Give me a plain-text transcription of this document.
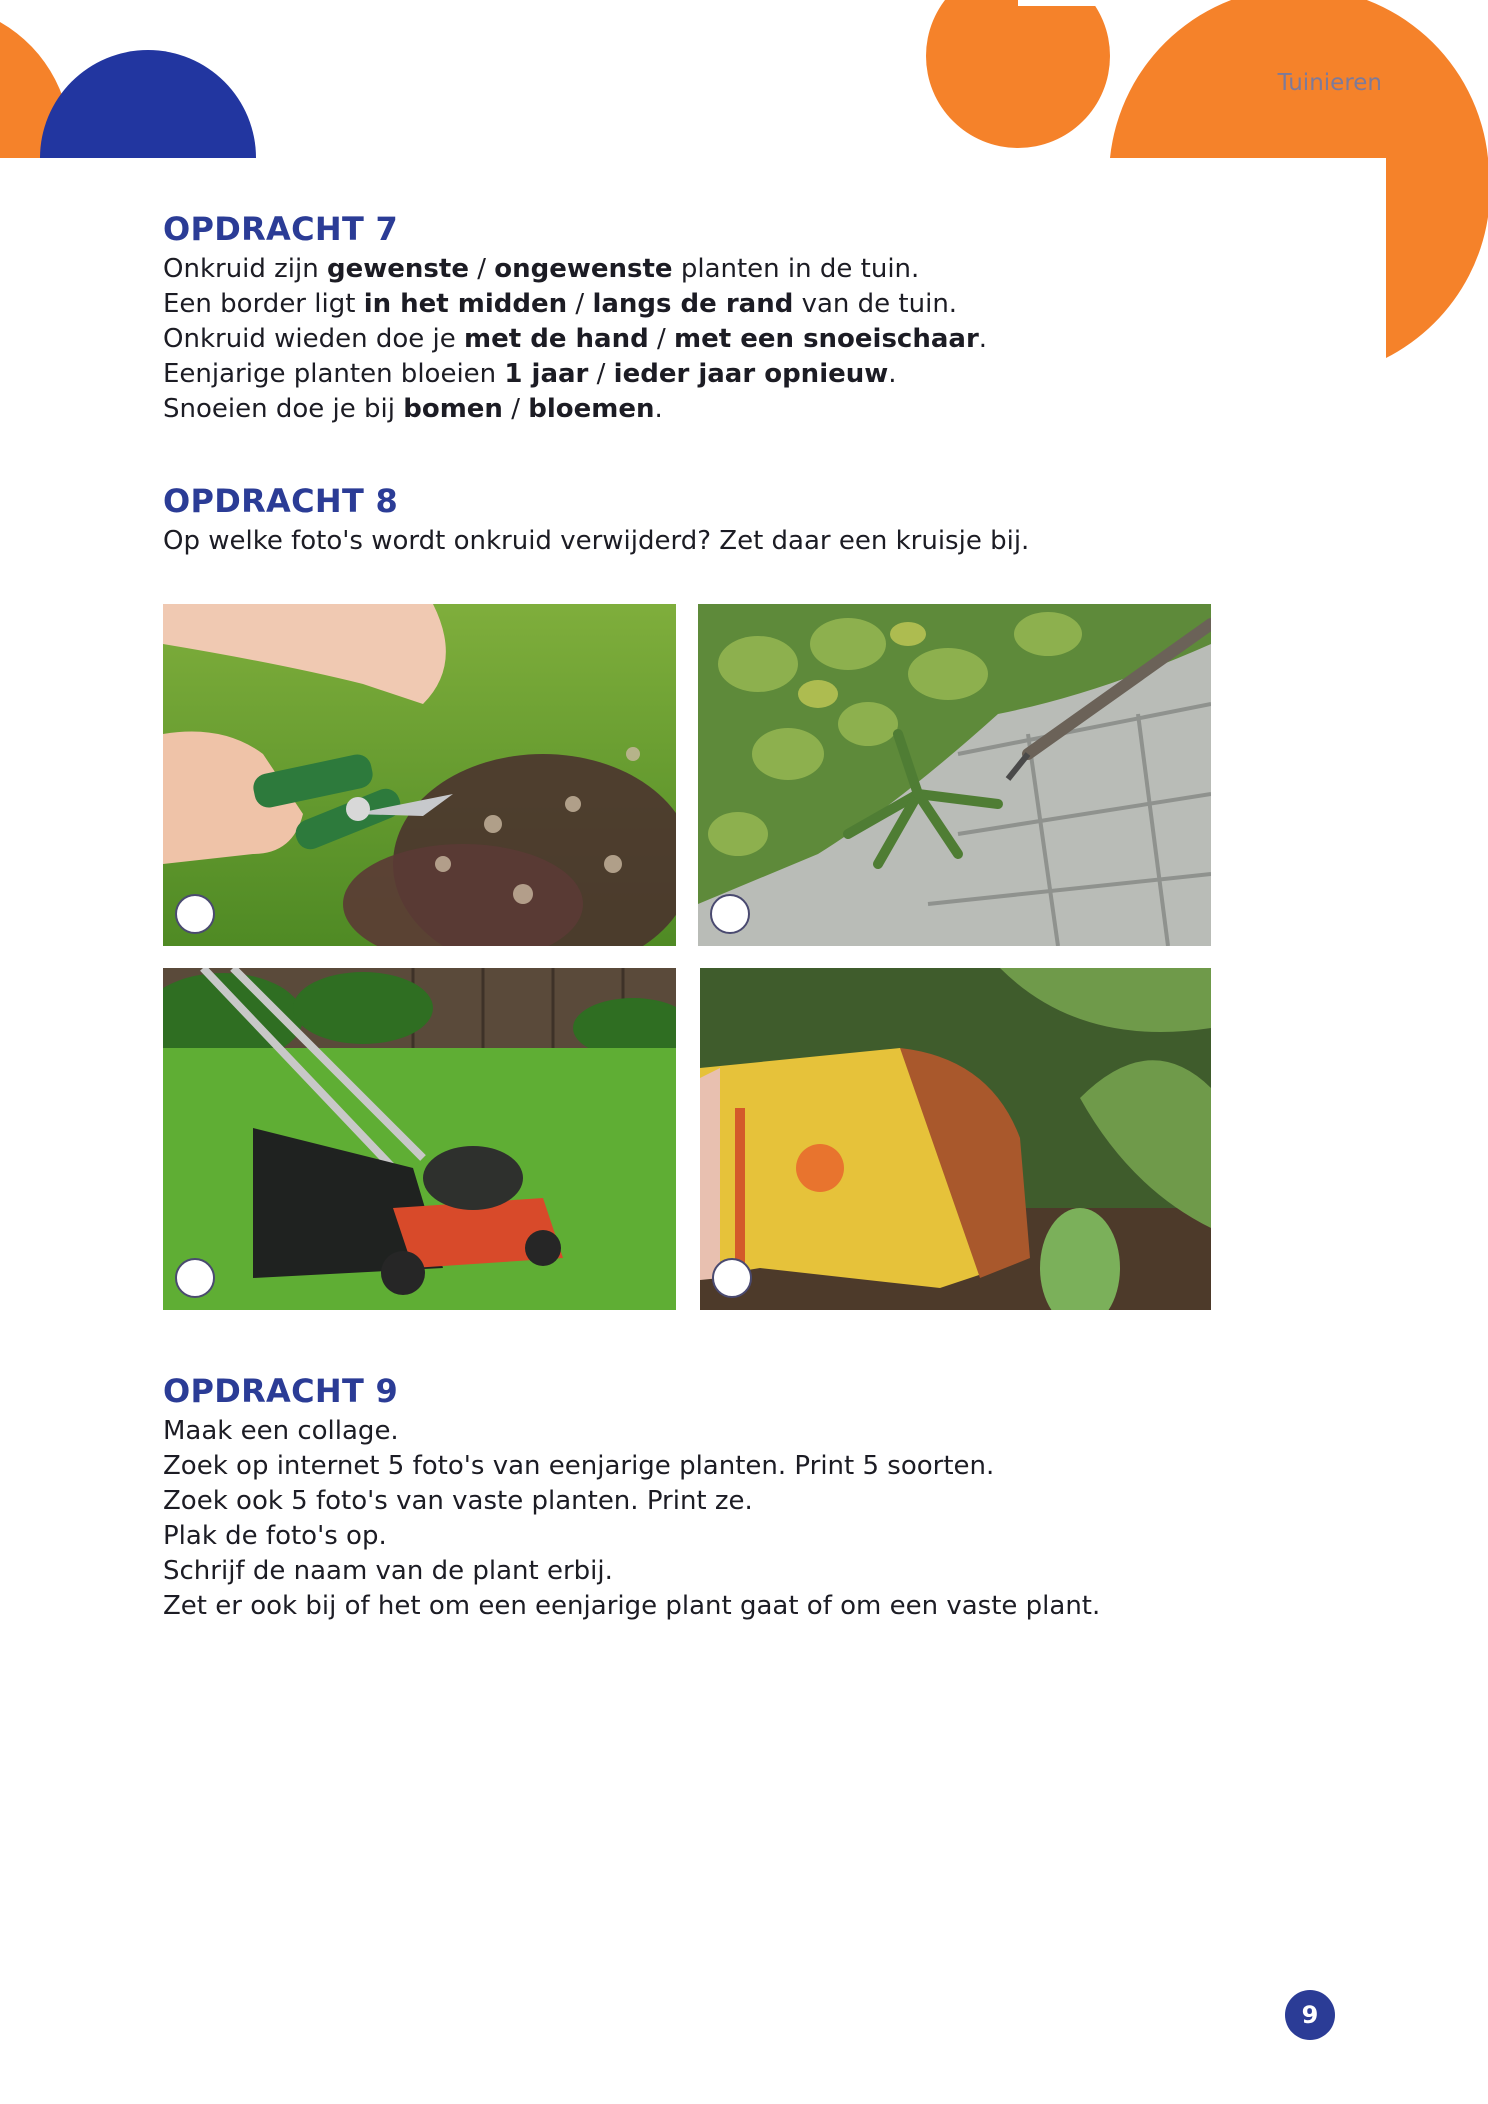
Tuinieren
OPDRACHT 7
Onkruid zijn gewenste / ongewenste planten in de tuin.
Een border ligt in het midden / langs de rand van de tuin.
Onkruid wieden doe je met de hand / met een snoeischaar.
Eenjarige planten bloeien 1 jaar / ieder jaar opnieuw.
Snoeien doe je bij bomen / bloemen.
OPDRACHT 8
Op welke foto's wordt onkruid verwijderd? Zet daar een kruisje bij.
OPDRACHT 9
Maak een collage.
Zoek op internet 5 foto's van eenjarige planten. Print 5 soorten.
Zoek ook 5 foto's van vaste planten. Print ze.
Plak de foto's op.
Schrijf de naam van de plant erbij.
Zet er ook bij of het om een eenjarige plant gaat of om een vaste plant.
9
